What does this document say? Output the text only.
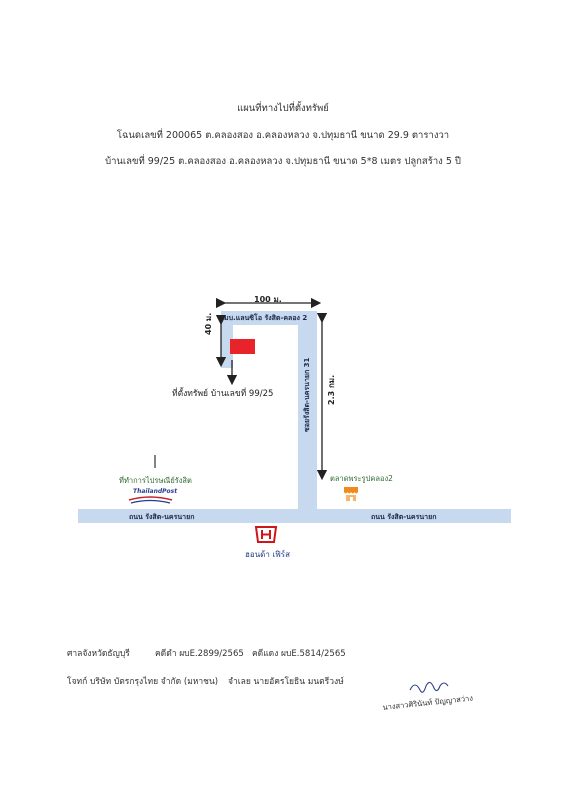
แผนที่ทางไปที่ตั้งทรัพย์
โฉนดเลขที่ 200065 ต.คลองสอง อ.คลองหลวง จ.ปทุมธานี ขนาด 29.9 ตารางวา
บ้านเลขที่ 99/25 ต.คลองสอง อ.คลองหลวง จ.ปทุมธานี ขนาด 5*8 เมตร ปลูกสร้าง 5 ปี
100 ม.
40 ม.
2.3 กม.
มบ.แลนซิโอ รังสิต-คลอง 2
ซอยรังสิต-นครนายก 31
ถนน รังสิต-นครนายก	ถนน รังสิต-นครนายก
ที่ตั้งทรัพย์ บ้านเลขที่ 99/25
ที่ทำการไปรษณีย์รังสิต
ThailandPost
ตลาดพระรูปคลอง2
ฮอนด้า เฟิร์ส
ศาลจังหวัดธัญบุรี	คดีดำ ผบE.2899/2565 คดีแดง ผบE.5814/2565
โจทก์ บริษัท บัตรกรุงไทย จำกัด (มหาชน) จำเลย นายอัครโยธิน มนตรีวงษ์
นางสาวศิรินันท์ ปัญญาสว่าง
